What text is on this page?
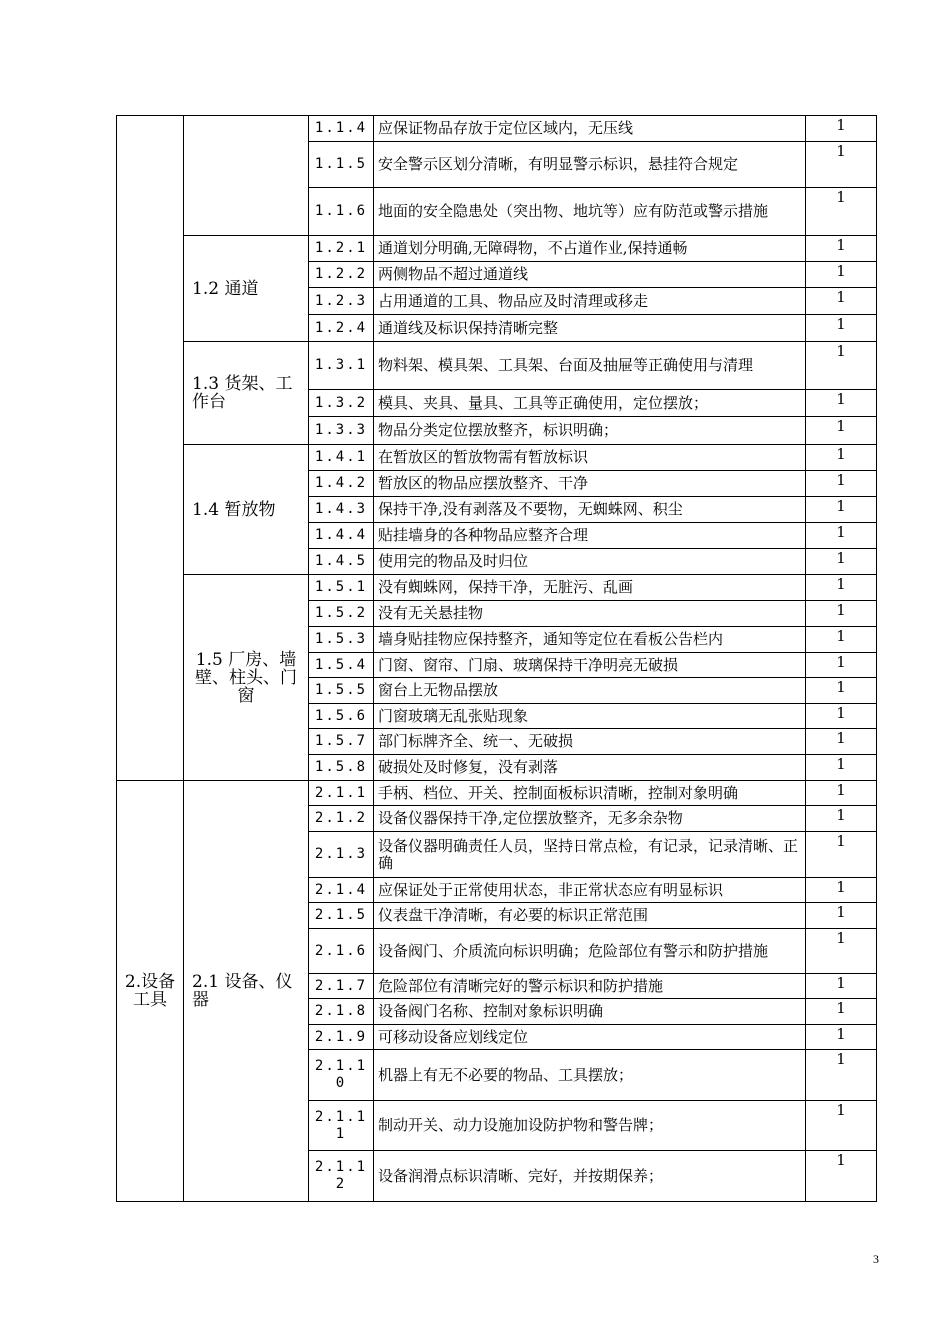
		1.1.4	应保证物品存放于定位区域内，无压线	1
		1.1.5	安全警示区划分清晰，有明显警示标识，悬挂符合规定	1
		1.1.6	地面的安全隐患处（突出物、地坑等）应有防范或警示措施	1
	1.2 通道	1.2.1	通道划分明确,无障碍物，不占道作业,保持通畅	1
		1.2.2	两侧物品不超过通道线	1
		1.2.3	占用通道的工具、物品应及时清理或移走	1
		1.2.4	通道线及标识保持清晰完整	1
	1.3 货架、工作台	1.3.1	物料架、模具架、工具架、台面及抽屉等正确使用与清理	1
		1.3.2	模具、夹具、量具、工具等正确使用，定位摆放；	1
		1.3.3	物品分类定位摆放整齐，标识明确；	1
	1.4 暂放物	1.4.1	在暂放区的暂放物需有暂放标识	1
		1.4.2	暂放区的物品应摆放整齐、干净	1
		1.4.3	保持干净,没有剥落及不要物，无蜘蛛网、积尘	1
		1.4.4	贴挂墙身的各种物品应整齐合理	1
		1.4.5	使用完的物品及时归位	1
	1.5 厂房、墙壁、柱头、门窗	1.5.1	没有蜘蛛网，保持干净，无脏污、乱画	1
		1.5.2	没有无关悬挂物	1
		1.5.3	墙身贴挂物应保持整齐，通知等定位在看板公告栏内	1
		1.5.4	门窗、窗帘、门扇、玻璃保持干净明亮无破损	1
		1.5.5	窗台上无物品摆放	1
		1.5.6	门窗玻璃无乱张贴现象	1
		1.5.7	部门标牌齐全、统一、无破损	1
		1.5.8	破损处及时修复，没有剥落	1
2.设备工具	2.1 设备、仪器	2.1.1	手柄、档位、开关、控制面板标识清晰，控制对象明确	1
		2.1.2	设备仪器保持干净,定位摆放整齐，无多余杂物	1
		2.1.3	设备仪器明确责任人员，坚持日常点检，有记录，记录清晰、正确	1
		2.1.4	应保证处于正常使用状态，非正常状态应有明显标识	1
		2.1.5	仪表盘干净清晰，有必要的标识正常范围	1
		2.1.6	设备阀门、介质流向标识明确；危险部位有警示和防护措施	1
		2.1.7	危险部位有清晰完好的警示标识和防护措施	1
		2.1.8	设备阀门名称、控制对象标识明确	1
		2.1.9	可移动设备应划线定位	1
		2.1.10	机器上有无不必要的物品、工具摆放；	1
		2.1.11	制动开关、动力设施加设防护物和警告牌；	1
		2.1.12	设备润滑点标识清晰、完好，并按期保养；	1
3
